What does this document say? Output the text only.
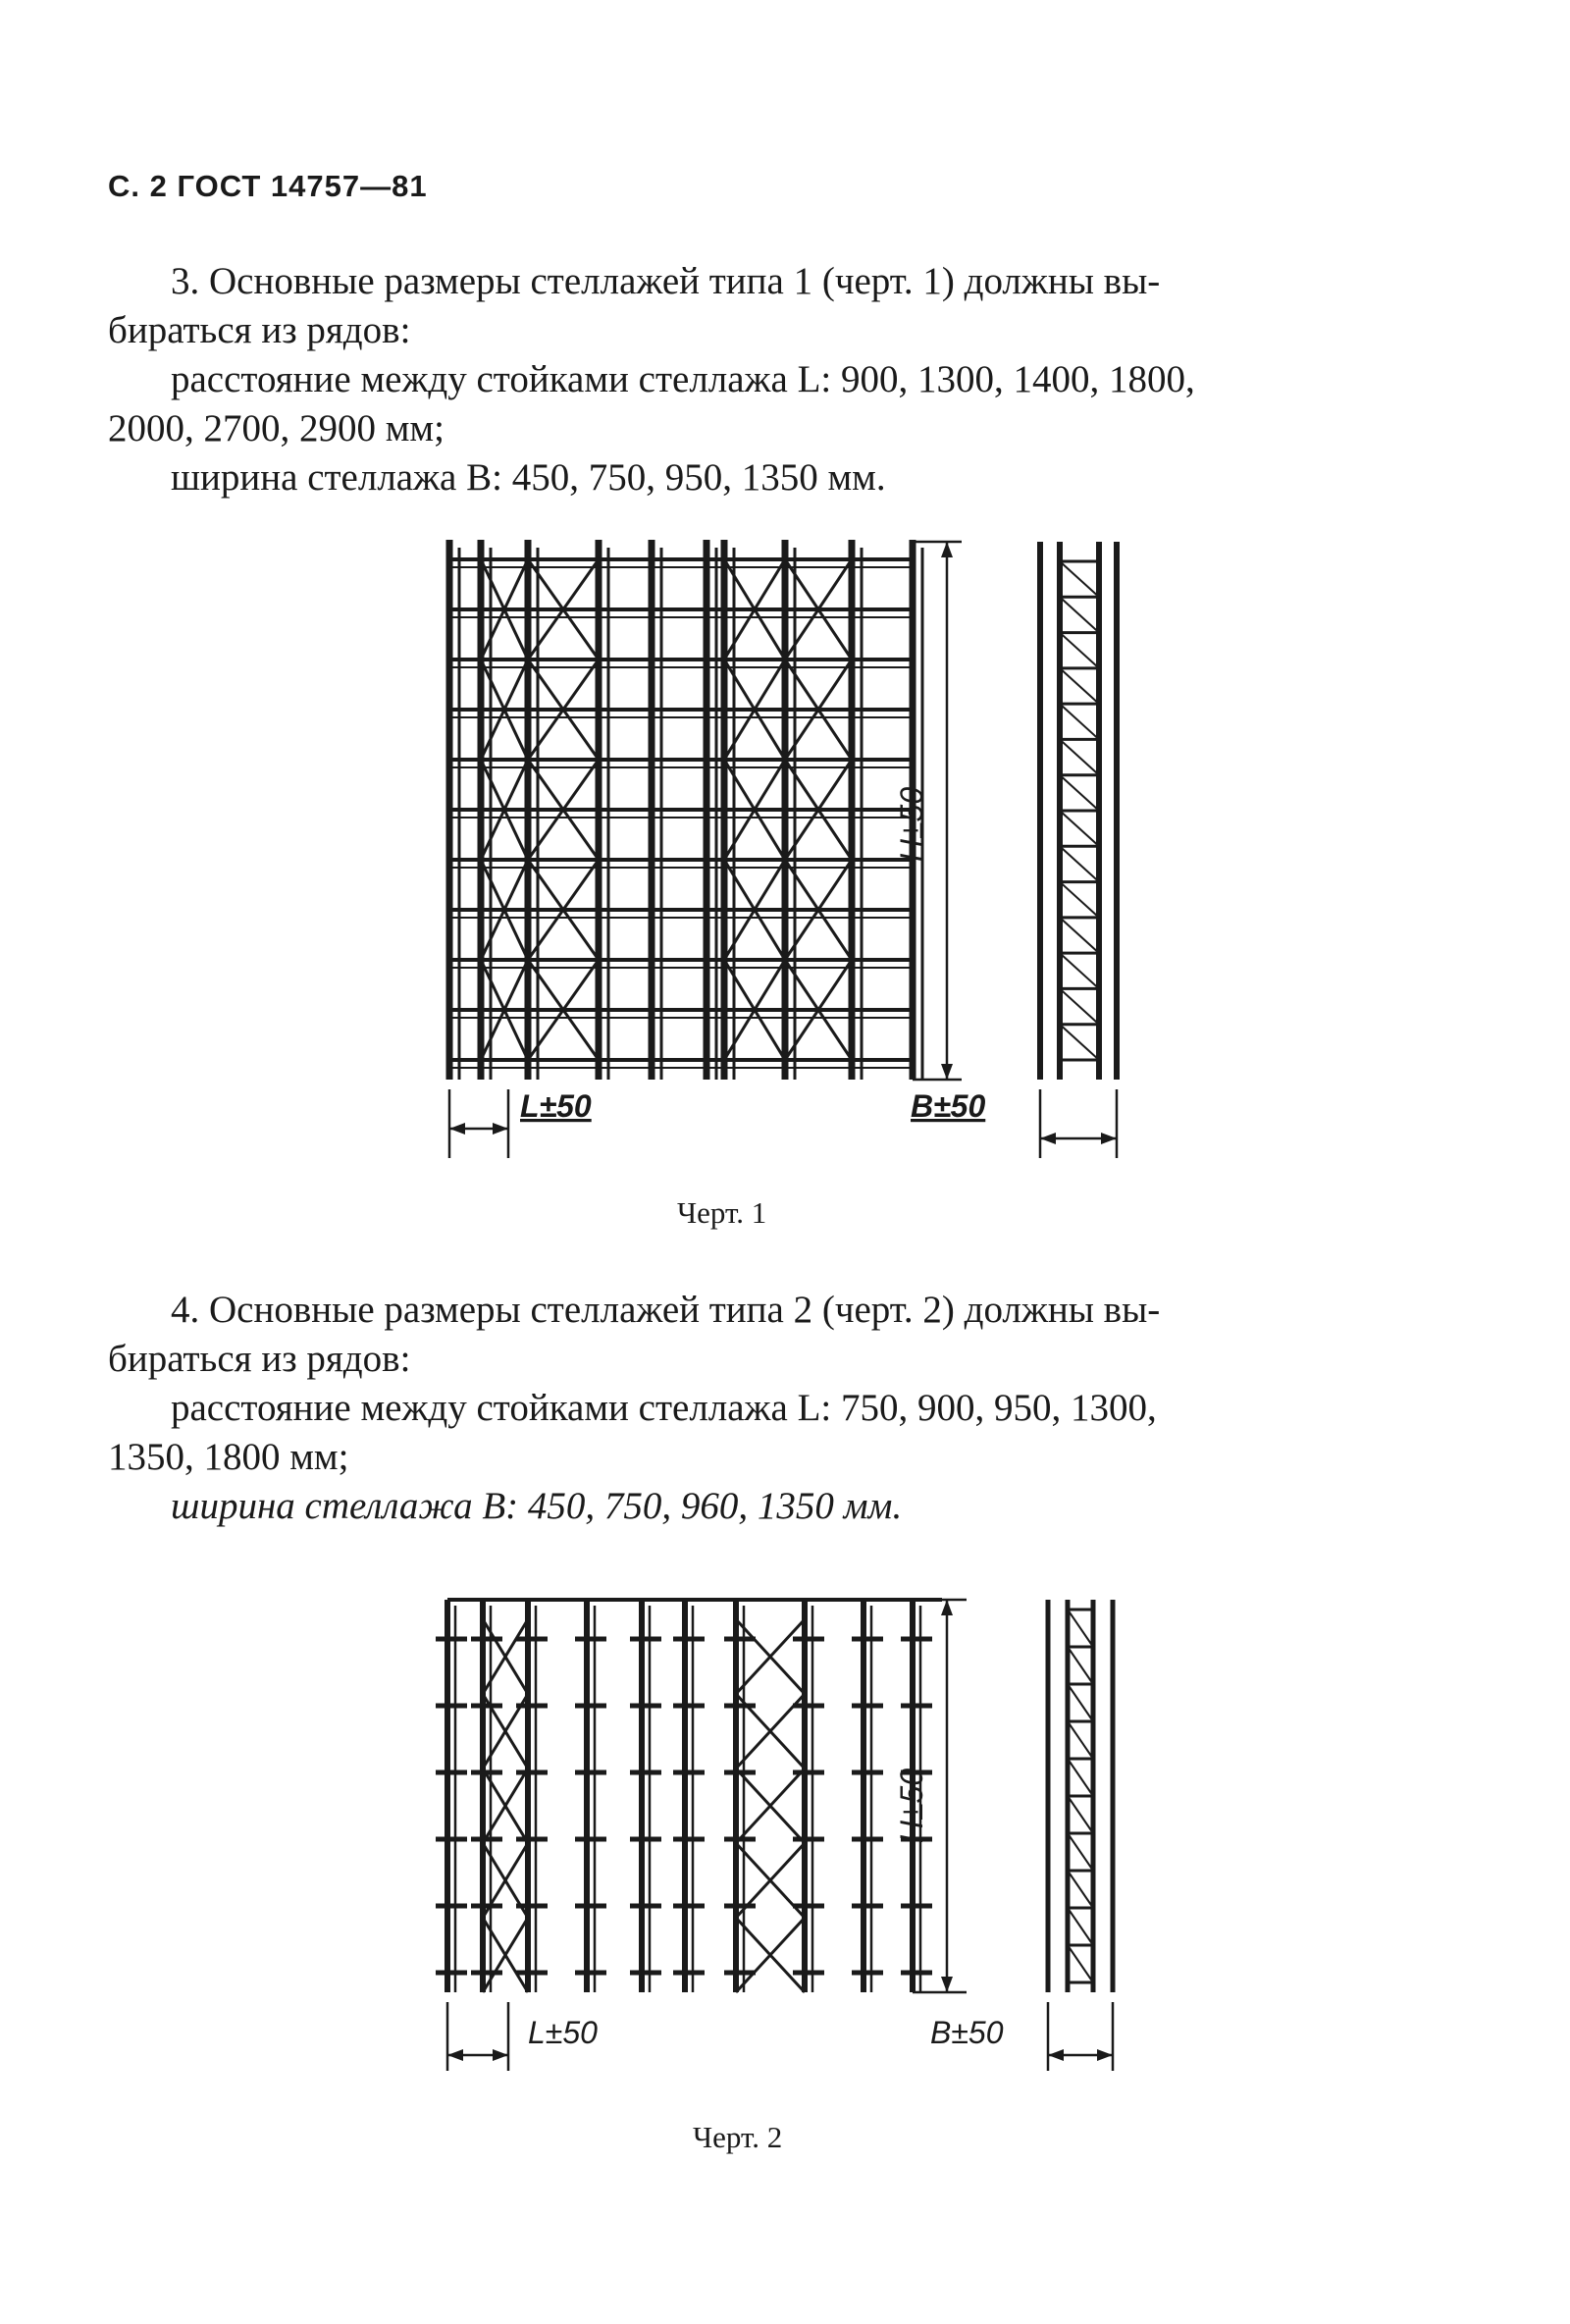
С. 2 ГОСТ 14757—81

3. Основные размеры стеллажей типа 1 (черт. 1) должны вы-

бираться из рядов:

расстояние между стойками стеллажа L: 900, 1300, 1400, 1800,

2000, 2700, 2900 мм;

ширина стеллажа B: 450, 750, 950, 1350 мм.

H±50
L±50	B±50
Черт. 1

4. Основные размеры стеллажей типа 2 (черт. 2) должны вы-

бираться из рядов:

расстояние между стойками стеллажа L: 750, 900, 950, 1300,

1350, 1800 мм;

ширина стеллажа B: 450, 750, 960, 1350 мм.

H±50
L±50	B±50
Черт. 2
